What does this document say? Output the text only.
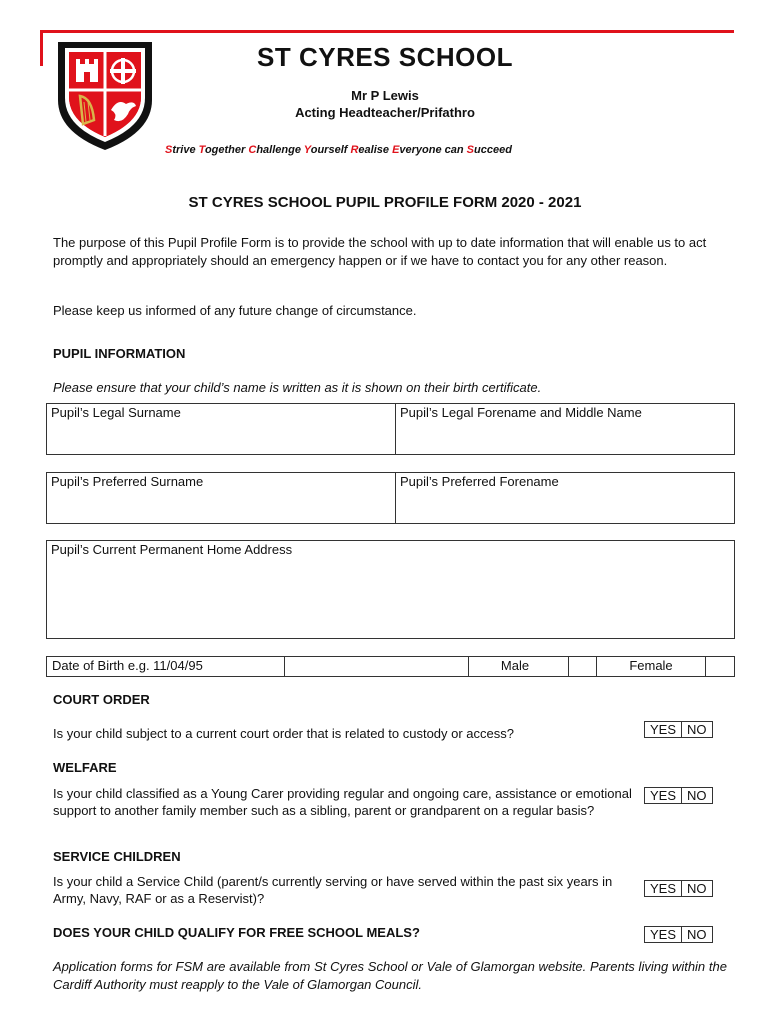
ST CYRES SCHOOL
Mr P Lewis
Acting Headteacher/Prifathro
Strive Together Challenge Yourself Realise Everyone can Succeed
ST CYRES SCHOOL PUPIL PROFILE FORM 2020 - 2021
The purpose of this Pupil Profile Form is to provide the school with up to date information that will enable us to act promptly and appropriately should an emergency happen or if we have to contact you for any other reason.
Please keep us informed of any future change of circumstance.
PUPIL INFORMATION
Please ensure that your child’s name is written as it is shown on their birth certificate.
Pupil’s Legal Surname	Pupil’s Legal Forename and Middle Name
Pupil’s Preferred Surname	Pupil’s Preferred Forename
Pupil’s Current Permanent Home Address
Date of Birth e.g. 11/04/95	Male	Female
COURT ORDER
Is your child subject to a current court order that is related to custody or access?	YES NO
WELFARE
Is your child classified as a Young Carer providing regular and ongoing care, assistance or emotional support to another family member such as a sibling, parent or grandparent on a regular basis?
YES NO
SERVICE CHILDREN
Is your child a Service Child (parent/s currently serving or have served within the past six years in Army, Navy, RAF or as a Reservist)?
YES NO
DOES YOUR CHILD QUALIFY FOR FREE SCHOOL MEALS?	YES NO
Application forms for FSM are available from St Cyres School or Vale of Glamorgan website. Parents living within the Cardiff Authority must reapply to the Vale of Glamorgan Council.
